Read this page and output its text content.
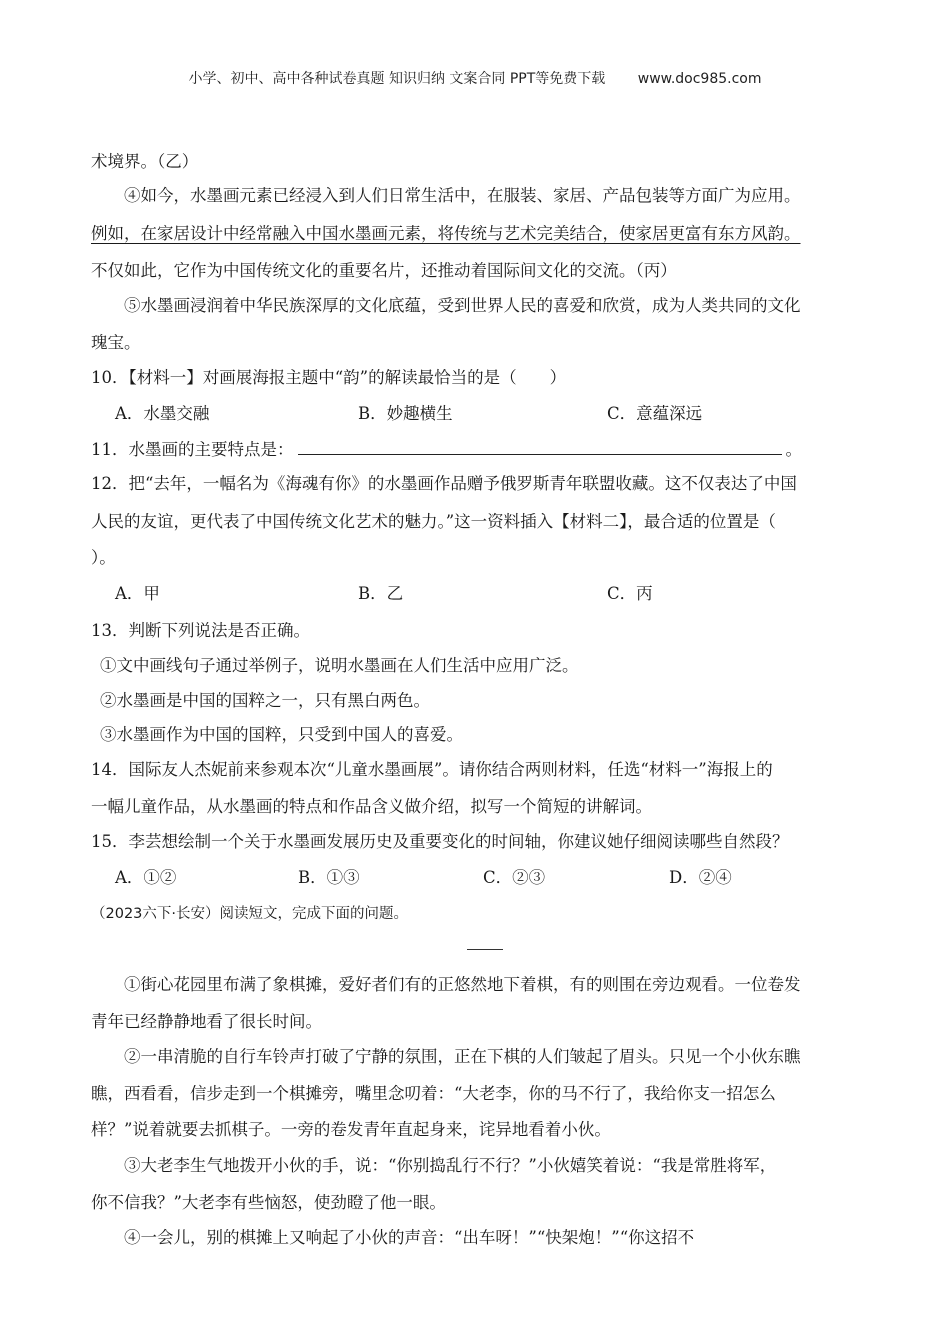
小学、初中、高中各种试卷真题 知识归纳 文案合同 PPT等免费下载 www.doc985.com
术境界。（乙）
④如今，水墨画元素已经浸入到人们日常生活中，在服装、家居、产品包装等方面广为应用。
例如，在家居设计中经常融入中国水墨画元素，将传统与艺术完美结合，使家居更富有东方风韵。
不仅如此，它作为中国传统文化的重要名片，还推动着国际间文化的交流。（丙）
⑤水墨画浸润着中华民族深厚的文化底蕴，受到世界人民的喜爱和欣赏，成为人类共同的文化
瑰宝。
10．【材料一】对画展海报主题中“韵”的解读最恰当的是（　　）
A．水墨交融	B．妙趣横生	C．意蕴深远
11．水墨画的主要特点是：	。
12．把“去年，一幅名为《海魂有你》的水墨画作品赠予俄罗斯青年联盟收藏。这不仅表达了中国
人民的友谊，更代表了中国传统文化艺术的魅力。”这一资料插入【材料二】，最合适的位置是（
）。
A．甲	B．乙	C．丙
13．判断下列说法是否正确。
①文中画线句子通过举例子，说明水墨画在人们生活中应用广泛。
②水墨画是中国的国粹之一，只有黑白两色。
③水墨画作为中国的国粹，只受到中国人的喜爱。
14．国际友人杰妮前来参观本次“儿童水墨画展”。请你结合两则材料，任选“材料一”海报上的
一幅儿童作品，从水墨画的特点和作品含义做介绍，拟写一个简短的讲解词。
15．李芸想绘制一个关于水墨画发展历史及重要变化的时间轴，你建议她仔细阅读哪些自然段？
A．①②	B．①③	C．②③	D．②④
（2023六下·长安）阅读短文，完成下面的问题。
①街心花园里布满了象棋摊，爱好者们有的正悠然地下着棋，有的则围在旁边观看。一位卷发
青年已经静静地看了很长时间。
②一串清脆的自行车铃声打破了宁静的氛围，正在下棋的人们皱起了眉头。只见一个小伙东瞧
瞧，西看看，信步走到一个棋摊旁，嘴里念叨着：“大老李，你的马不行了，我给你支一招怎么
样？”说着就要去抓棋子。一旁的卷发青年直起身来，诧异地看着小伙。
③大老李生气地拨开小伙的手，说：“你别捣乱行不行？”小伙嬉笑着说：“我是常胜将军，
你不信我？”大老李有些恼怒，使劲瞪了他一眼。
④一会儿，别的棋摊上又响起了小伙的声音：“出车呀！”“快架炮！”“你这招不
